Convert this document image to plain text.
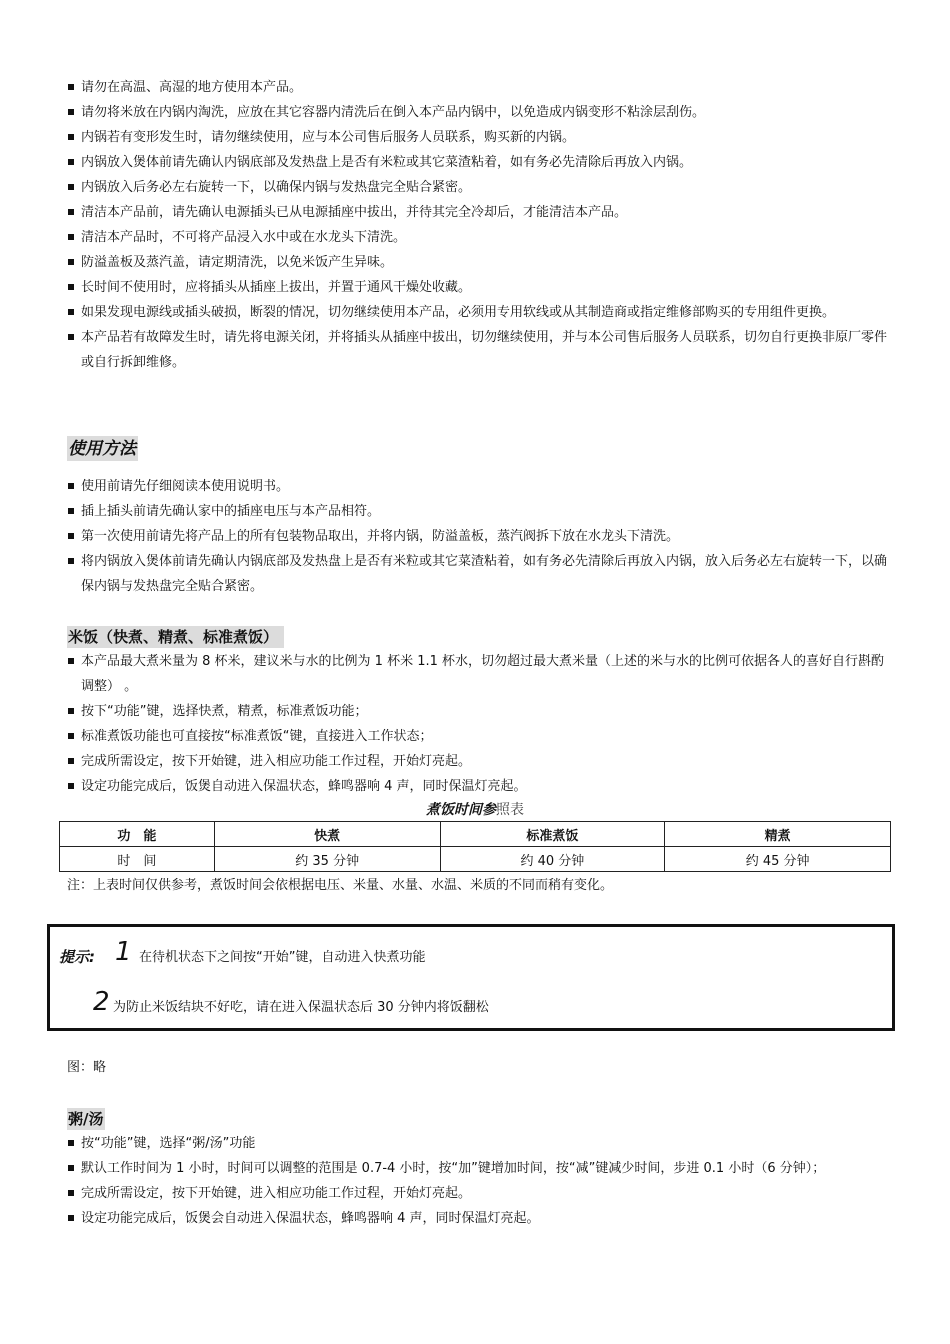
请勿在高温、高湿的地方使用本产品。
请勿将米放在内锅内淘洗，应放在其它容器内清洗后在倒入本产品内锅中，以免造成内锅变形不粘涂层刮伤。
内锅若有变形发生时，请勿继续使用，应与本公司售后服务人员联系，购买新的内锅。
内锅放入煲体前请先确认内锅底部及发热盘上是否有米粒或其它菜渣粘着，如有务必先清除后再放入内锅。
内锅放入后务必左右旋转一下，以确保内锅与发热盘完全贴合紧密。
清洁本产品前，请先确认电源插头已从电源插座中拔出，并待其完全冷却后，才能清洁本产品。
清洁本产品时，不可将产品浸入水中或在水龙头下清洗。
防溢盖板及蒸汽盖，请定期清洗，以免米饭产生异味。
长时间不使用时，应将插头从插座上拔出，并置于通风干燥处收藏。
如果发现电源线或插头破损，断裂的情况，切勿继续使用本产品，必须用专用软线或从其制造商或指定维修部购买的专用组件更换。
本产品若有故障发生时，请先将电源关闭，并将插头从插座中拔出，切勿继续使用，并与本公司售后服务人员联系，切勿自行更换非原厂零件或自行拆卸维修。
使用方法
使用前请先仔细阅读本使用说明书。
插上插头前请先确认家中的插座电压与本产品相符。
第一次使用前请先将产品上的所有包装物品取出，并将内锅，防溢盖板，蒸汽阀拆下放在水龙头下清洗。
将内锅放入煲体前请先确认内锅底部及发热盘上是否有米粒或其它菜渣粘着，如有务必先清除后再放入内锅，放入后务必左右旋转一下，以确保内锅与发热盘完全贴合紧密。
米饭（快煮、精煮、标准煮饭）
本产品最大煮米量为 8 杯米，建议米与水的比例为 1 杯米 1.1 杯水，切勿超过最大煮米量（上述的米与水的比例可依据各人的喜好自行斟酌调整） 。
按下“功能”键，选择快煮，精煮，标准煮饭功能；
标准煮饭功能也可直接按“标准煮饭“键，直接进入工作状态；
完成所需设定，按下开始键，进入相应功能工作过程，开始灯亮起。
设定功能完成后，饭煲自动进入保温状态，蜂鸣器响 4 声，同时保温灯亮起。
煮饭时间参照表
功　能	快煮	标准煮饭	精煮
时　间	约 35 分钟	约 40 分钟	约 45 分钟
注：上表时间仅供参考，煮饭时间会依根据电压、米量、水量、水温、米质的不同而稍有变化。
提示: 1 在待机状态下之间按“开始”键，自动进入快煮功能
2 为防止米饭结块不好吃，请在进入保温状态后 30 分钟内将饭翻松
图：略
粥/汤
按“功能”键，选择“粥/汤”功能
默认工作时间为 1 小时，时间可以调整的范围是 0.7-4 小时，按“加”键增加时间，按“减”键减少时间，步进 0.1 小时（6 分钟）；
完成所需设定，按下开始键，进入相应功能工作过程，开始灯亮起。
设定功能完成后，饭煲会自动进入保温状态，蜂鸣器响 4 声，同时保温灯亮起。
